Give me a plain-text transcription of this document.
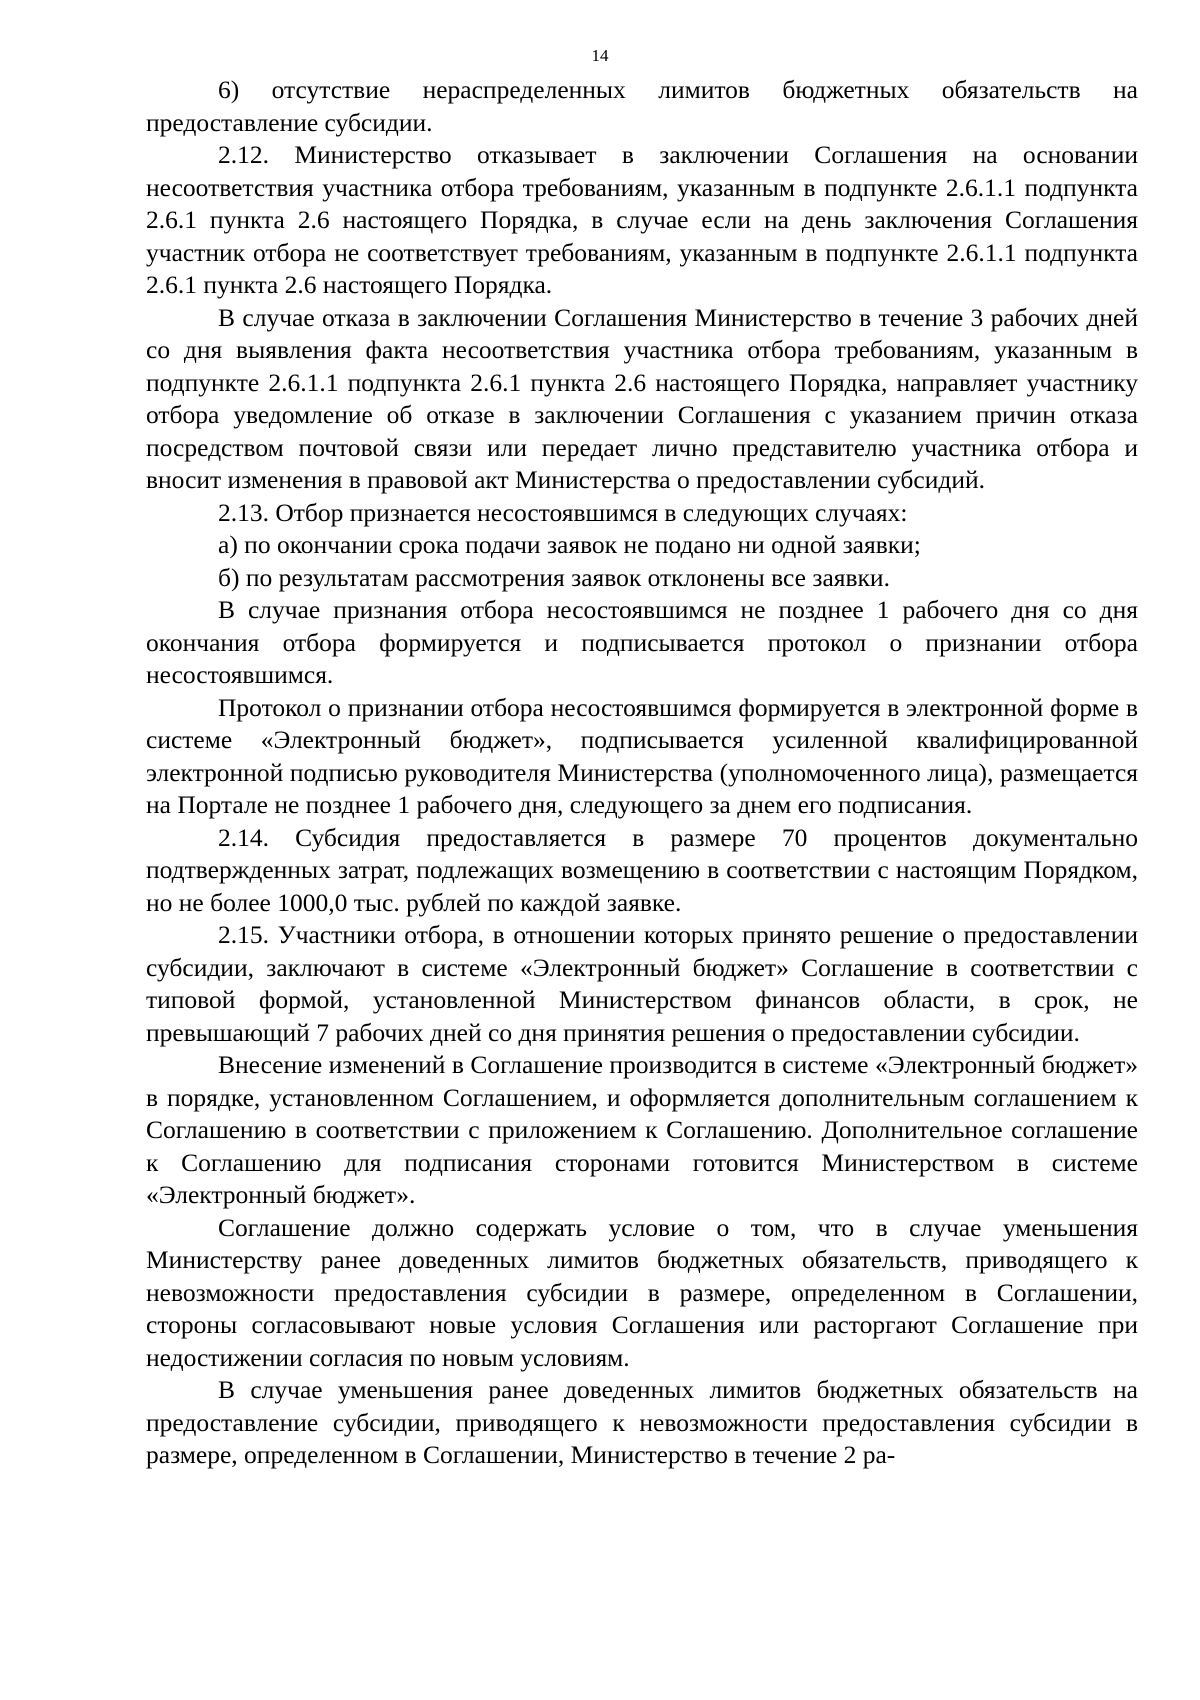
14

6) отсутствие нераспределенных лимитов бюджетных обязательств на предоставление субсидии.

2.12. Министерство отказывает в заключении Соглашения на основании несоответствия участника отбора требованиям, указанным в подпункте 2.6.1.1 подпункта 2.6.1 пункта 2.6 настоящего Порядка, в случае если на день заключения Соглашения участник отбора не соответствует требованиям, указанным в подпункте 2.6.1.1 подпункта 2.6.1 пункта 2.6 настоящего Порядка.

В случае отказа в заключении Соглашения Министерство в течение 3 рабочих дней со дня выявления факта несоответствия участника отбора требованиям, указанным в подпункте 2.6.1.1 подпункта 2.6.1 пункта 2.6 настоящего Порядка, направляет участнику отбора уведомление об отказе в заключении Соглашения с указанием причин отказа посредством почтовой связи или передает лично представителю участника отбора и вносит изменения в правовой акт Министерства о предоставлении субсидий.

2.13. Отбор признается несостоявшимся в следующих случаях:

а) по окончании срока подачи заявок не подано ни одной заявки;

б) по результатам рассмотрения заявок отклонены все заявки.

В случае признания отбора несостоявшимся не позднее 1 рабочего дня со дня окончания отбора формируется и подписывается протокол о признании отбора несостоявшимся.

Протокол о признании отбора несостоявшимся формируется в электронной форме в системе «Электронный бюджет», подписывается усиленной квалифицированной электронной подписью руководителя Министерства (уполномоченного лица), размещается на Портале не позднее 1 рабочего дня, следующего за днем его подписания.

2.14. Субсидия предоставляется в размере 70 процентов документально подтвержденных затрат, подлежащих возмещению в соответствии с настоящим Порядком, но не более 1000,0 тыс. рублей по каждой заявке.

2.15. Участники отбора, в отношении которых принято решение о предоставлении субсидии, заключают в системе «Электронный бюджет» Соглашение в соответствии с типовой формой, установленной Министерством финансов области, в срок, не превышающий 7 рабочих дней со дня принятия решения о предоставлении субсидии.

Внесение изменений в Соглашение производится в системе «Электронный бюджет» в порядке, установленном Соглашением, и оформляется дополнительным соглашением к Соглашению в соответствии с приложением к Соглашению. Дополнительное соглашение к Соглашению для подписания сторонами готовится Министерством в системе «Электронный бюджет».

Соглашение должно содержать условие о том, что в случае уменьшения Министерству ранее доведенных лимитов бюджетных обязательств, приводящего к невозможности предоставления субсидии в размере, определенном в Соглашении, стороны согласовывают новые условия Соглашения или расторгают Соглашение при недостижении согласия по новым условиям.

В случае уменьшения ранее доведенных лимитов бюджетных обязательств на предоставление субсидии, приводящего к невозможности предоставления субсидии в размере, определенном в Соглашении, Министерство в течение 2 ра-
